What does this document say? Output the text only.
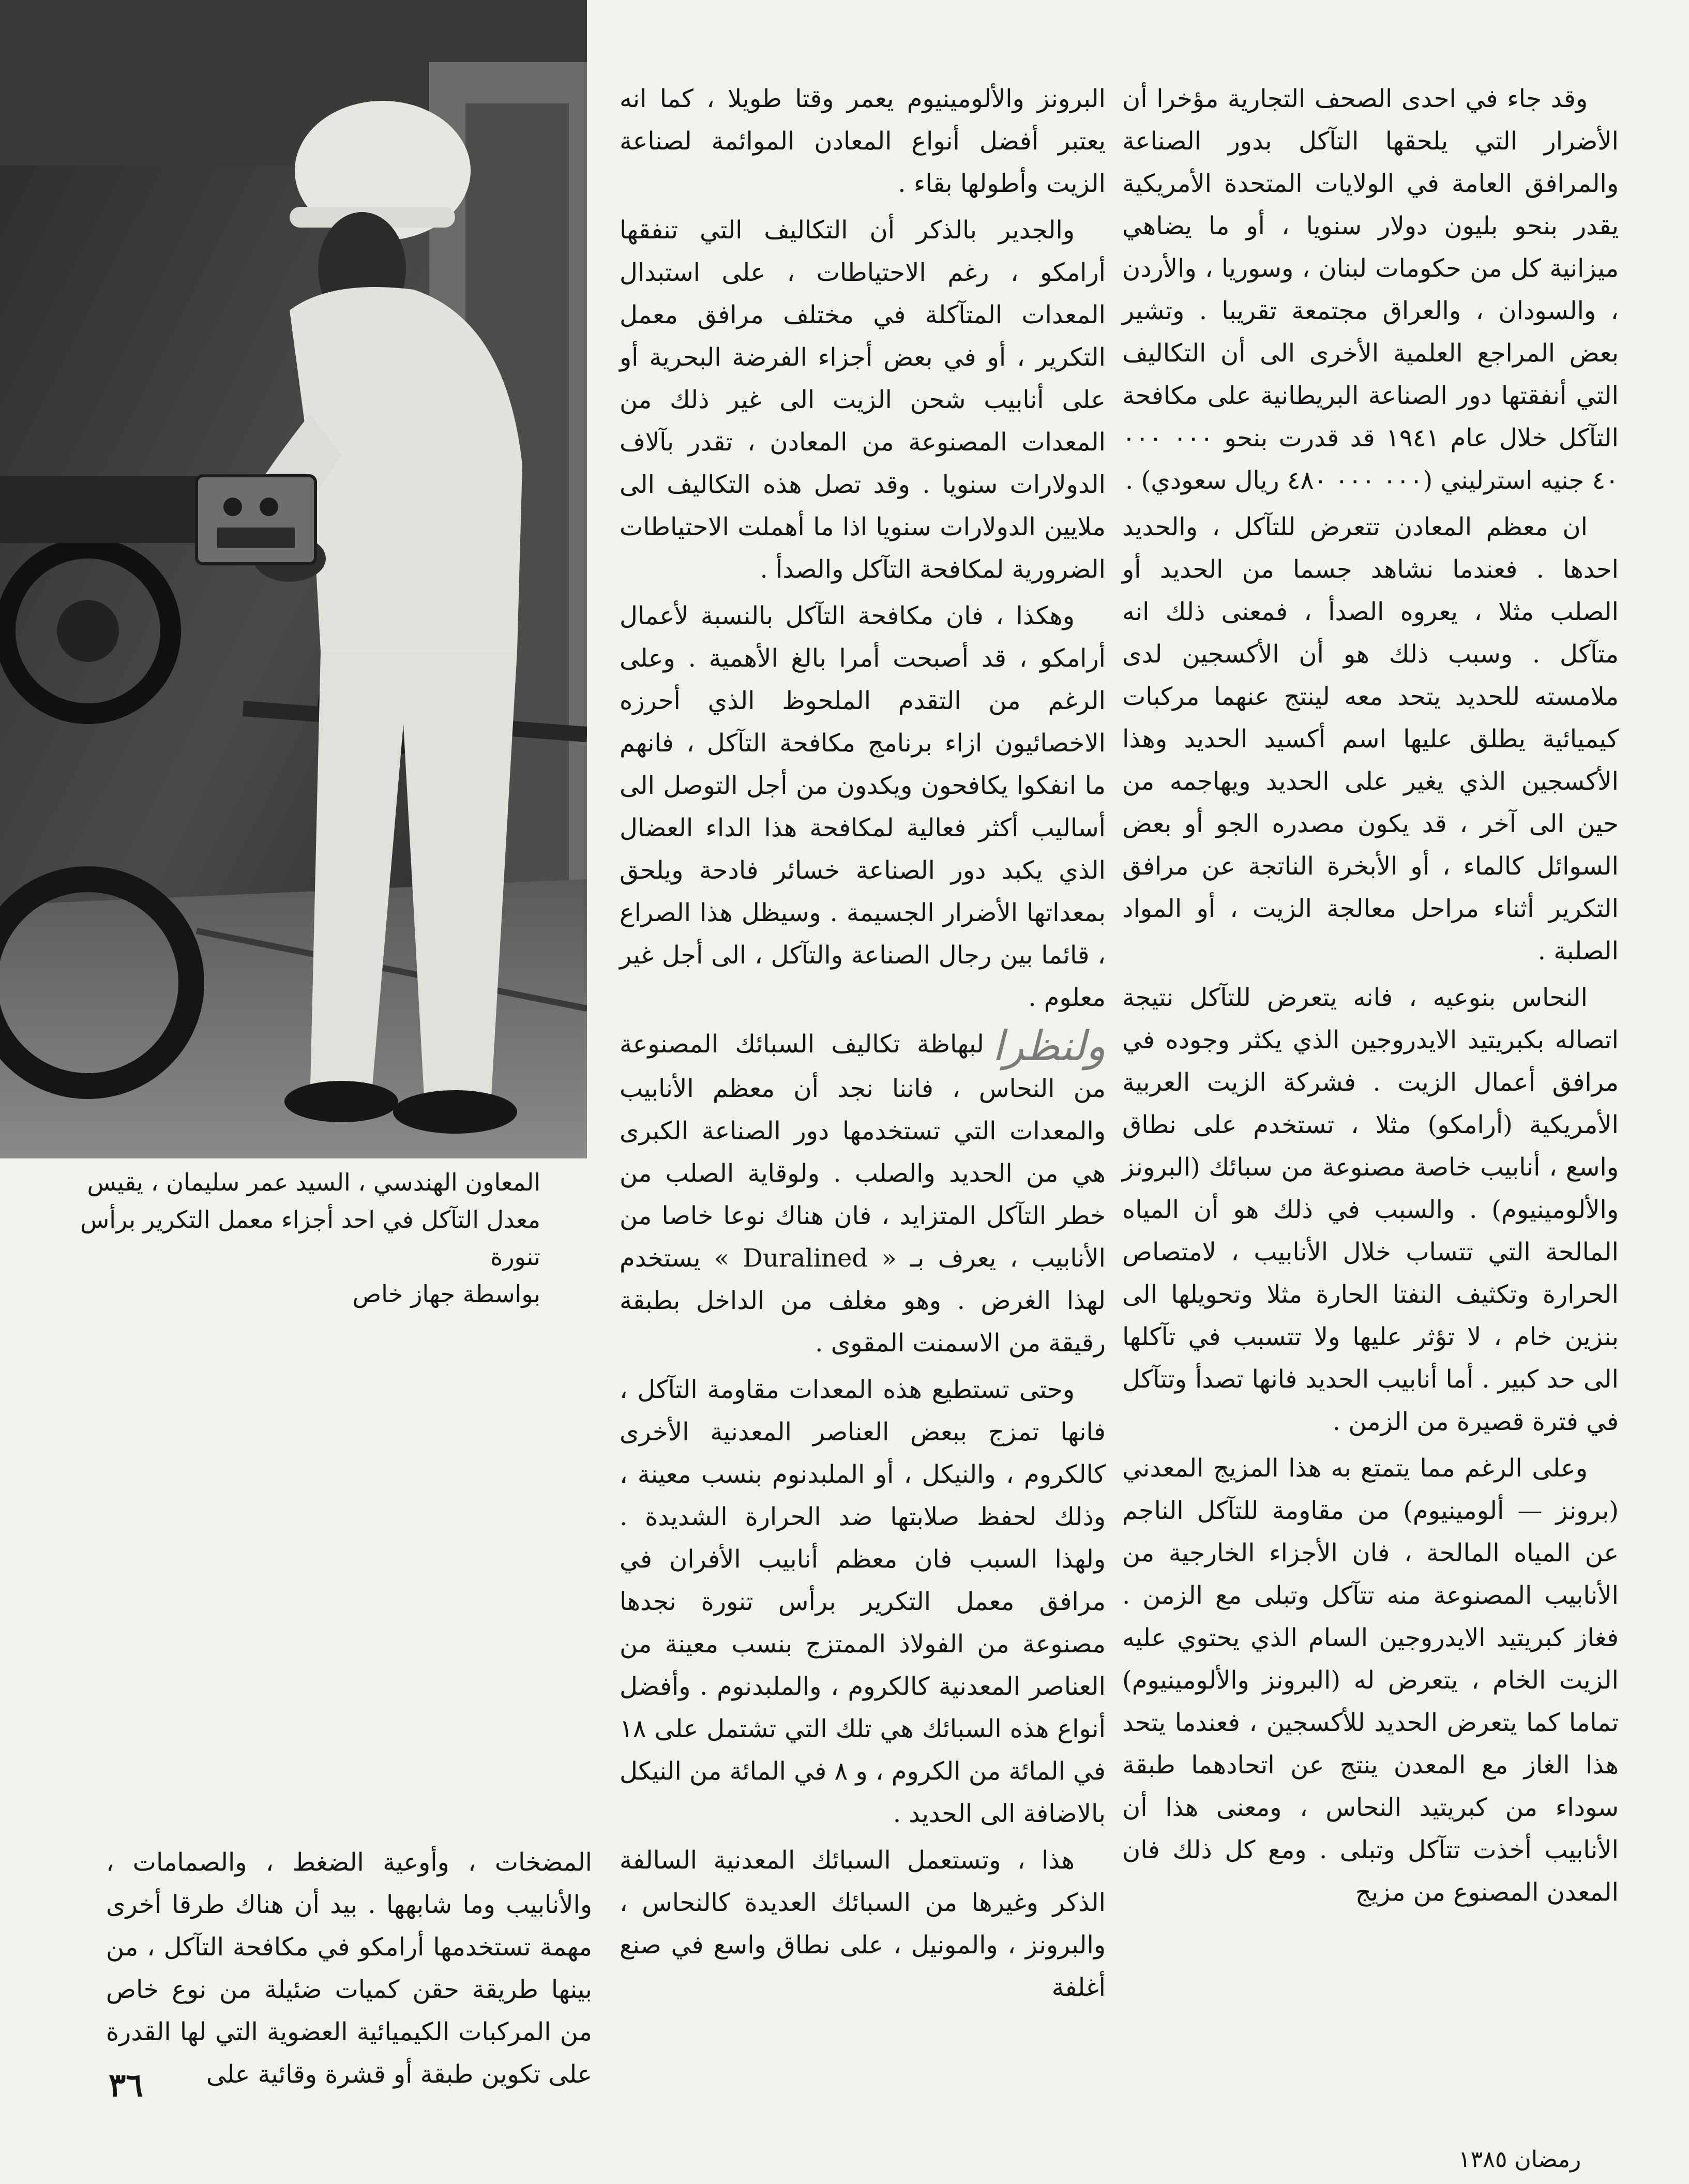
المعاون الهندسي ، السيد عمر سليمان ، يقيس
معدل التآكل في احد أجزاء معمل التكرير برأس تنورة
بواسطة جهاز خاص

وقد جاء في احدى الصحف التجارية مؤخرا أن الأضرار التي يلحقها التآكل بدور الصناعة والمرافق العامة في الولايات المتحدة الأمريكية يقدر بنحو بليون دولار سنويا ، أو ما يضاهي ميزانية كل من حكومات لبنان ، وسوريا ، والأردن ، والسودان ، والعراق مجتمعة تقريبا . وتشير بعض المراجع العلمية الأخرى الى أن التكاليف التي أنفقتها دور الصناعة البريطانية على مكافحة التآكل خلال عام ١٩٤١ قد قدرت بنحو ٠٠٠ ٠٠٠ ٤٠ جنيه استرليني (٠٠٠ ٠٠٠ ٤٨٠ ريال سعودي) .

ان معظم المعادن تتعرض للتآكل ، والحديد احدها . فعندما نشاهد جسما من الحديد أو الصلب مثلا ، يعروه الصدأ ، فمعنى ذلك انه متآكل . وسبب ذلك هو أن الأكسجين لدى ملامسته للحديد يتحد معه لينتج عنهما مركبات كيميائية يطلق عليها اسم أكسيد الحديد وهذا الأكسجين الذي يغير على الحديد ويهاجمه من حين الى آخر ، قد يكون مصدره الجو أو بعض السوائل كالماء ، أو الأبخرة الناتجة عن مرافق التكرير أثناء مراحل معالجة الزيت ، أو المواد الصلبة .

النحاس بنوعيه ، فانه يتعرض للتآكل نتيجة اتصاله بكبريتيد الايدروجين الذي يكثر وجوده في مرافق أعمال الزيت . فشركة الزيت العربية الأمريكية (أرامكو) مثلا ، تستخدم على نطاق واسع ، أنابيب خاصة مصنوعة من سبائك (البرونز والألومينيوم) . والسبب في ذلك هو أن المياه المالحة التي تتساب خلال الأنابيب ، لامتصاص الحرارة وتكثيف النفتا الحارة مثلا وتحويلها الى بنزين خام ، لا تؤثر عليها ولا تتسبب في تآكلها الى حد كبير . أما أنابيب الحديد فانها تصدأ وتتآكل في فترة قصيرة من الزمن .

وعلى الرغم مما يتمتع به هذا المزيج المعدني (برونز — ألومينيوم) من مقاومة للتآكل الناجم عن المياه المالحة ، فان الأجزاء الخارجية من الأنابيب المصنوعة منه تتآكل وتبلى مع الزمن . فغاز كبريتيد الايدروجين السام الذي يحتوي عليه الزيت الخام ، يتعرض له (البرونز والألومينيوم) تماما كما يتعرض الحديد للأكسجين ، فعندما يتحد هذا الغاز مع المعدن ينتج عن اتحادهما طبقة سوداء من كبريتيد النحاس ، ومعنى هذا أن الأنابيب أخذت تتآكل وتبلى . ومع كل ذلك فان المعدن المصنوع من مزيج

البرونز والألومينيوم يعمر وقتا طويلا ، كما انه يعتبر أفضل أنواع المعادن الموائمة لصناعة الزيت وأطولها بقاء .

والجدير بالذكر أن التكاليف التي تنفقها أرامكو ، رغم الاحتياطات ، على استبدال المعدات المتآكلة في مختلف مرافق معمل التكرير ، أو في بعض أجزاء الفرضة البحرية أو على أنابيب شحن الزيت الى غير ذلك من المعدات المصنوعة من المعادن ، تقدر بآلاف الدولارات سنويا . وقد تصل هذه التكاليف الى ملايين الدولارات سنويا اذا ما أهملت الاحتياطات الضرورية لمكافحة التآكل والصدأ .

وهكذا ، فان مكافحة التآكل بالنسبة لأعمال أرامكو ، قد أصبحت أمرا بالغ الأهمية . وعلى الرغم من التقدم الملحوظ الذي أحرزه الاخصائيون ازاء برنامج مكافحة التآكل ، فانهم ما انفكوا يكافحون ويكدون من أجل التوصل الى أساليب أكثر فعالية لمكافحة هذا الداء العضال الذي يكبد دور الصناعة خسائر فادحة ويلحق بمعداتها الأضرار الجسيمة . وسيظل هذا الصراع ، قائما بين رجال الصناعة والتآكل ، الى أجل غير معلوم .

ولنظرالبهاظة تكاليف السبائك المصنوعة من النحاس ، فاننا نجد أن معظم الأنابيب والمعدات التي تستخدمها دور الصناعة الكبرى هي من الحديد والصلب . ولوقاية الصلب من خطر التآكل المتزايد ، فان هناك نوعا خاصا من الأنابيب ، يعرف بـ « Duralined » يستخدم لهذا الغرض . وهو مغلف من الداخل بطبقة رقيقة من الاسمنت المقوى .

وحتى تستطيع هذه المعدات مقاومة التآكل ، فانها تمزج ببعض العناصر المعدنية الأخرى كالكروم ، والنيكل ، أو الملبدنوم بنسب معينة ، وذلك لحفظ صلابتها ضد الحرارة الشديدة . ولهذا السبب فان معظم أنابيب الأفران في مرافق معمل التكرير برأس تنورة نجدها مصنوعة من الفولاذ الممتزج بنسب معينة من العناصر المعدنية كالكروم ، والملبدنوم . وأفضل أنواع هذه السبائك هي تلك التي تشتمل على ١٨ في المائة من الكروم ، و ٨ في المائة من النيكل بالاضافة الى الحديد .

هذا ، وتستعمل السبائك المعدنية السالفة الذكر وغيرها من السبائك العديدة كالنحاس ، والبرونز ، والمونيل ، على نطاق واسع في صنع أغلفة

المضخات ، وأوعية الضغط ، والصمامات ، والأنابيب وما شابهها . بيد أن هناك طرقا أخرى مهمة تستخدمها أرامكو في مكافحة التآكل ، من بينها طريقة حقن كميات ضئيلة من نوع خاص من المركبات الكيميائية العضوية التي لها القدرة على تكوين طبقة أو قشرة وقائية على

٣٦
رمضان ١٣٨٥
